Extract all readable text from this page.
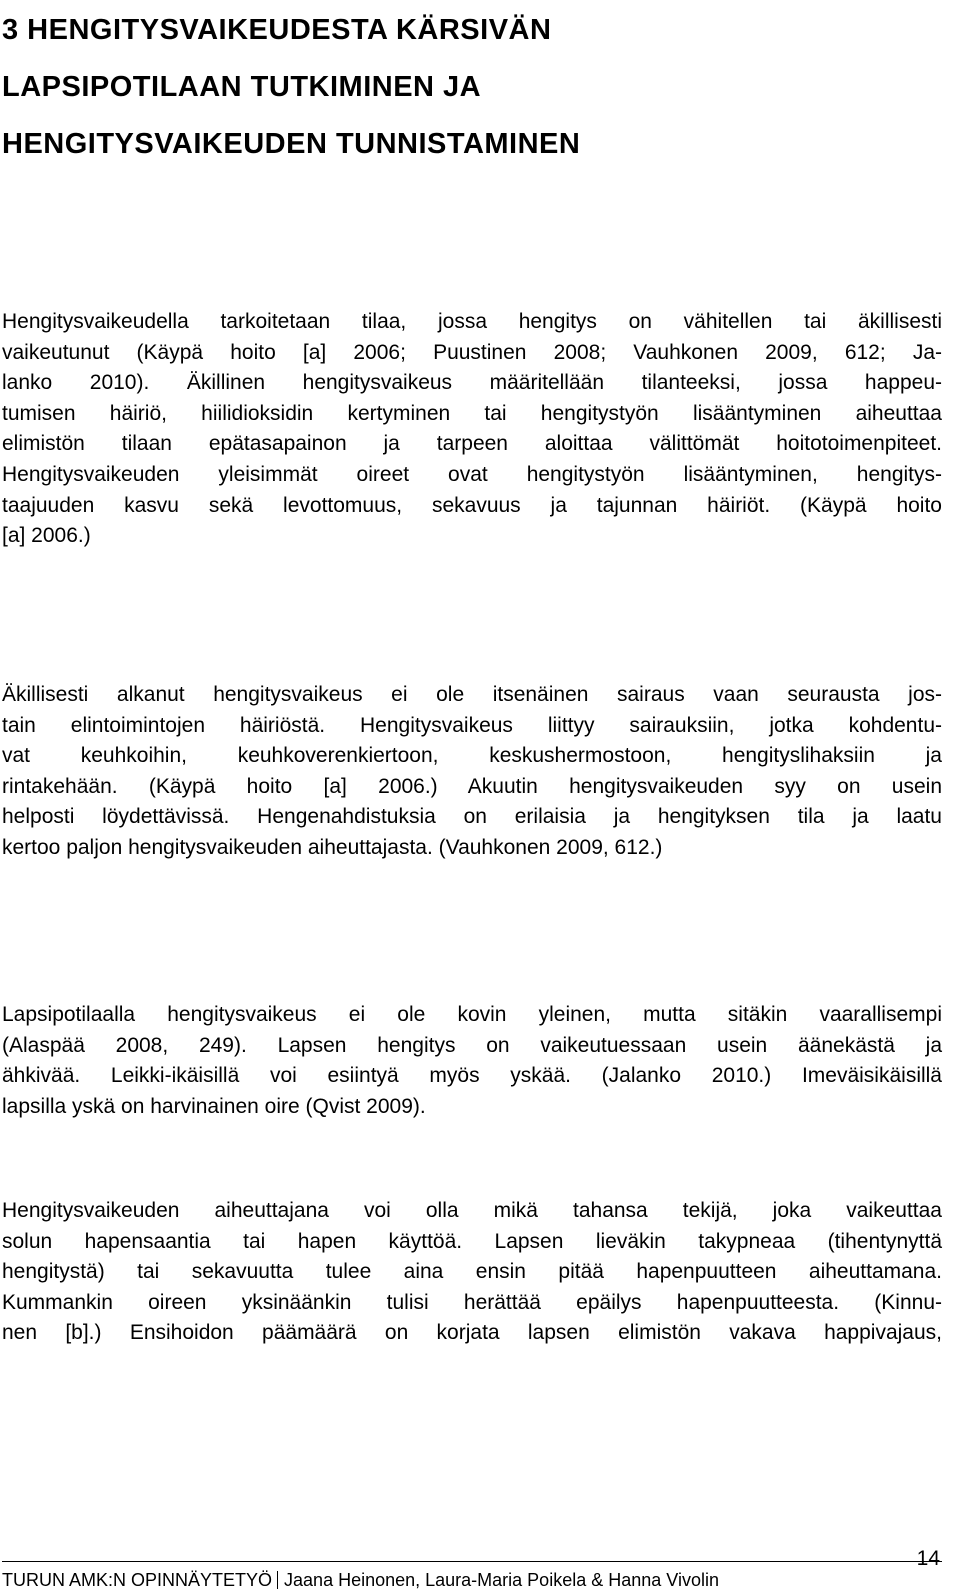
3 HENGITYSVAIKEUDESTA KÄRSIVÄN
LAPSIPOTILAAN TUTKIMINEN JA
HENGITYSVAIKEUDEN TUNNISTAMINEN
Hengitysvaikeudella tarkoitetaan tilaa, jossa hengitys on vähitellen tai äkillisesti
vaikeutunut (Käypä hoito [a] 2006; Puustinen 2008; Vauhkonen 2009, 612; Ja-
lanko 2010). Äkillinen hengitysvaikeus määritellään tilanteeksi, jossa happeu-
tumisen häiriö, hiilidioksidin kertyminen tai hengitystyön lisääntyminen aiheuttaa
elimistön tilaan epätasapainon ja tarpeen aloittaa välittömät hoitotoimenpiteet.
Hengitysvaikeuden yleisimmät oireet ovat hengitystyön lisääntyminen, hengitys-
taajuuden kasvu sekä levottomuus, sekavuus ja tajunnan häiriöt. (Käypä hoito
[a] 2006.)
Äkillisesti alkanut hengitysvaikeus ei ole itsenäinen sairaus vaan seurausta jos-
tain elintoimintojen häiriöstä. Hengitysvaikeus liittyy sairauksiin, jotka kohdentu-
vat keuhkoihin, keuhkoverenkiertoon, keskushermostoon, hengityslihaksiin ja
rintakehään. (Käypä hoito [a] 2006.) Akuutin hengitysvaikeuden syy on usein
helposti löydettävissä. Hengenahdistuksia on erilaisia ja hengityksen tila ja laatu
kertoo paljon hengitysvaikeuden aiheuttajasta. (Vauhkonen 2009, 612.)
Lapsipotilaalla hengitysvaikeus ei ole kovin yleinen, mutta sitäkin vaarallisempi
(Alaspää 2008, 249). Lapsen hengitys on vaikeutuessaan usein äänekästä ja
ähkivää. Leikki-ikäisillä voi esiintyä myös yskää. (Jalanko 2010.) Imeväisikäisillä
lapsilla yskä on harvinainen oire (Qvist 2009).
Hengitysvaikeuden aiheuttajana voi olla mikä tahansa tekijä, joka vaikeuttaa
solun hapensaantia tai hapen käyttöä. Lapsen lieväkin takypneaa (tihentynyttä
hengitystä) tai sekavuutta tulee aina ensin pitää hapenpuutteen aiheuttamana.
Kummankin oireen yksinäänkin tulisi herättää epäilys hapenpuutteesta. (Kinnu-
nen [b].) Ensihoidon päämäärä on korjata lapsen elimistön vakava happivajaus,
TURUN AMK:N OPINNÄYTETYÖ Jaana Heinonen, Laura-Maria Poikela & Hanna Vivolin
14
